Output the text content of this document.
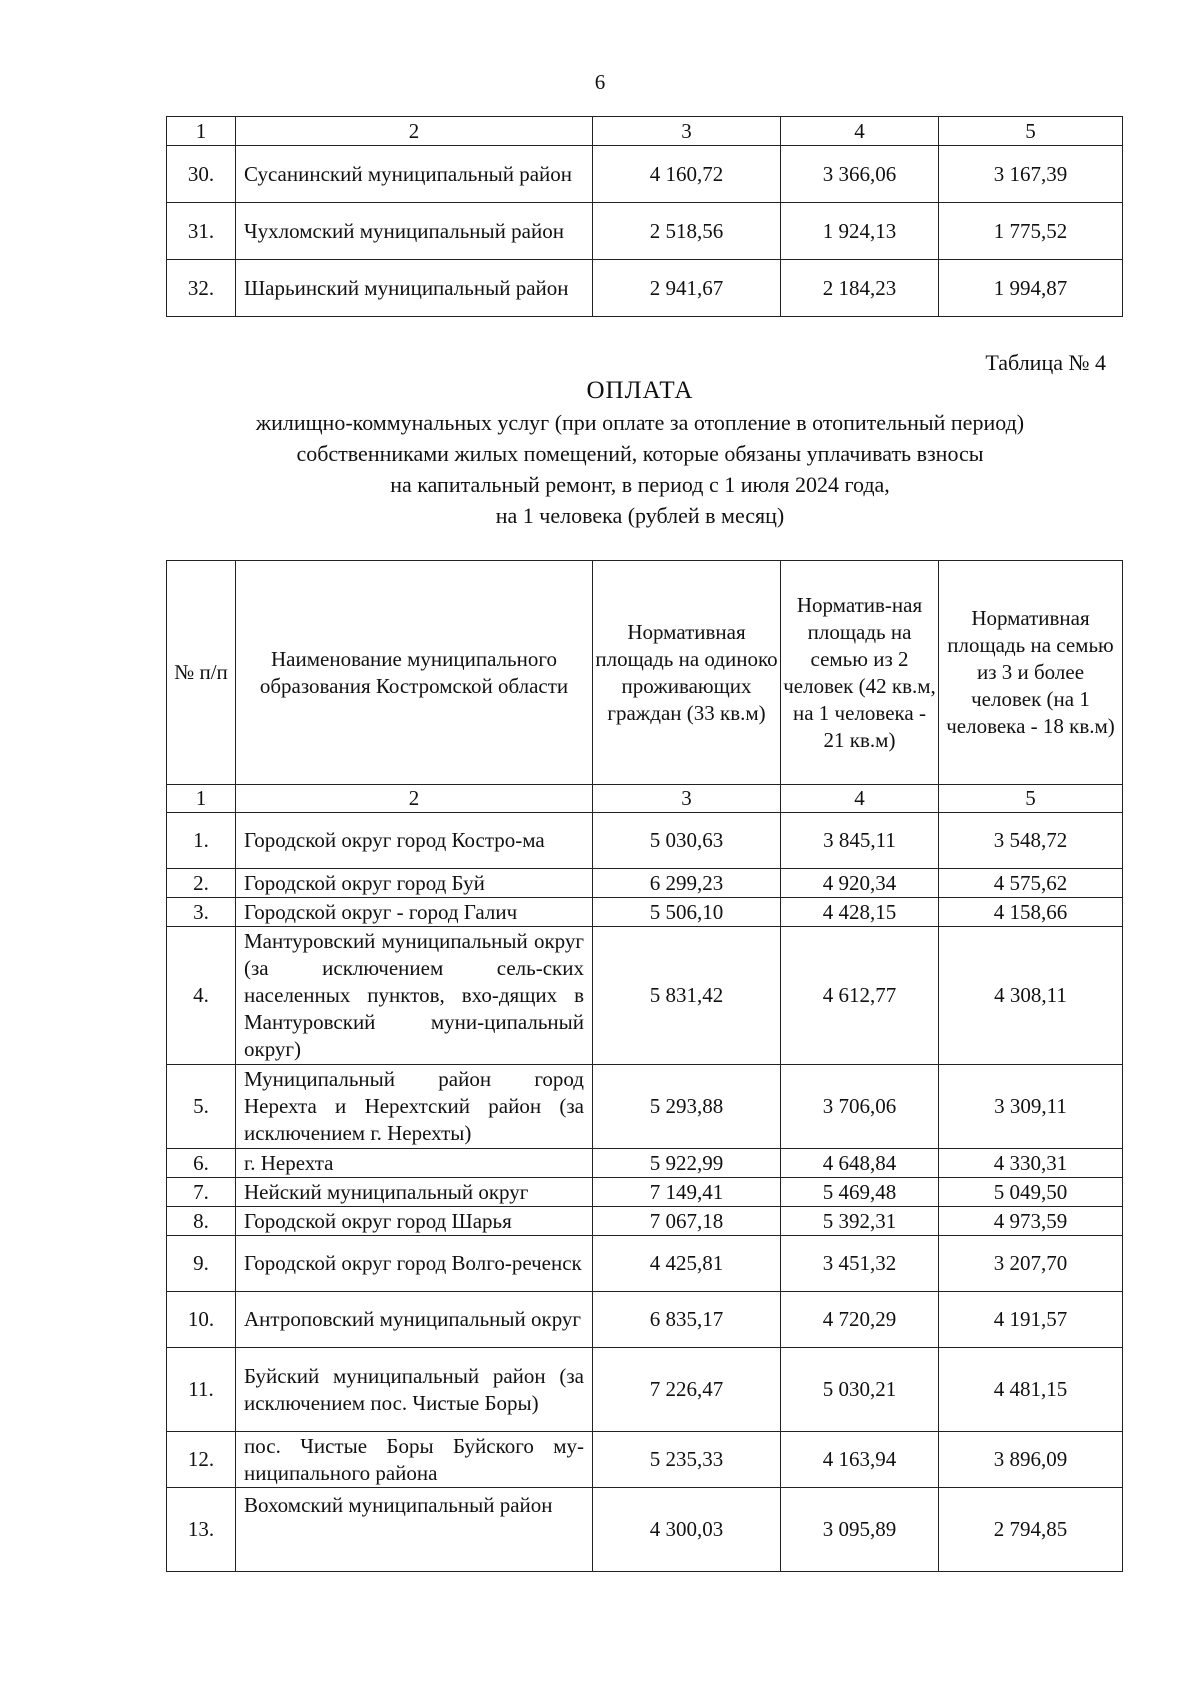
6
1	2	3	4	5
30.	Сусанинский муниципальный район	4 160,72	3 366,06	3 167,39
31.	Чухломский муниципальный район	2 518,56	1 924,13	1 775,52
32.	Шарьинский муниципальный район	2 941,67	2 184,23	1 994,87
Таблица № 4
ОПЛАТА
жилищно-коммунальных услуг (при оплате за отопление в отопительный период)
собственниками жилых помещений, которые обязаны уплачивать взносы
на капитальный ремонт, в период с 1 июля 2024 года,
на 1 человека (рублей в месяц)
№ п/п	Наименование муниципального образования Костромской области	Нормативная площадь на одиноко проживающих граждан (33 кв.м)	Норматив-ная площадь на семью из 2 человек (42 кв.м, на 1 человека - 21 кв.м)	Нормативная площадь на семью из 3 и более человек (на 1 человека - 18 кв.м)
1	2	3	4	5
1.	Городской округ город Костро-ма	5 030,63	3 845,11	3 548,72
2.	Городской округ город Буй	6 299,23	4 920,34	4 575,62
3.	Городской округ - город Галич	5 506,10	4 428,15	4 158,66
4.	Мантуровский муниципальный округ (за исключением сель-ских населенных пунктов, вхо-дящих в Мантуровский муни-ципальный округ)	5 831,42	4 612,77	4 308,11
5.	Муниципальный район город Нерехта и Нерехтский район (за исключением г. Нерехты)	5 293,88	3 706,06	3 309,11
6.	г. Нерехта	5 922,99	4 648,84	4 330,31
7.	Нейский муниципальный округ	7 149,41	5 469,48	5 049,50
8.	Городской округ город Шарья	7 067,18	5 392,31	4 973,59
9.	Городской округ город Волго-реченск	4 425,81	3 451,32	3 207,70
10.	Антроповский муниципальный округ	6 835,17	4 720,29	4 191,57
11.	Буйский муниципальный район (за исключением пос. Чистые Боры)	7 226,47	5 030,21	4 481,15
12.	пос. Чистые Боры Буйского му-ниципального района	5 235,33	4 163,94	3 896,09
13.	Вохомский муниципальный район	4 300,03	3 095,89	2 794,85
